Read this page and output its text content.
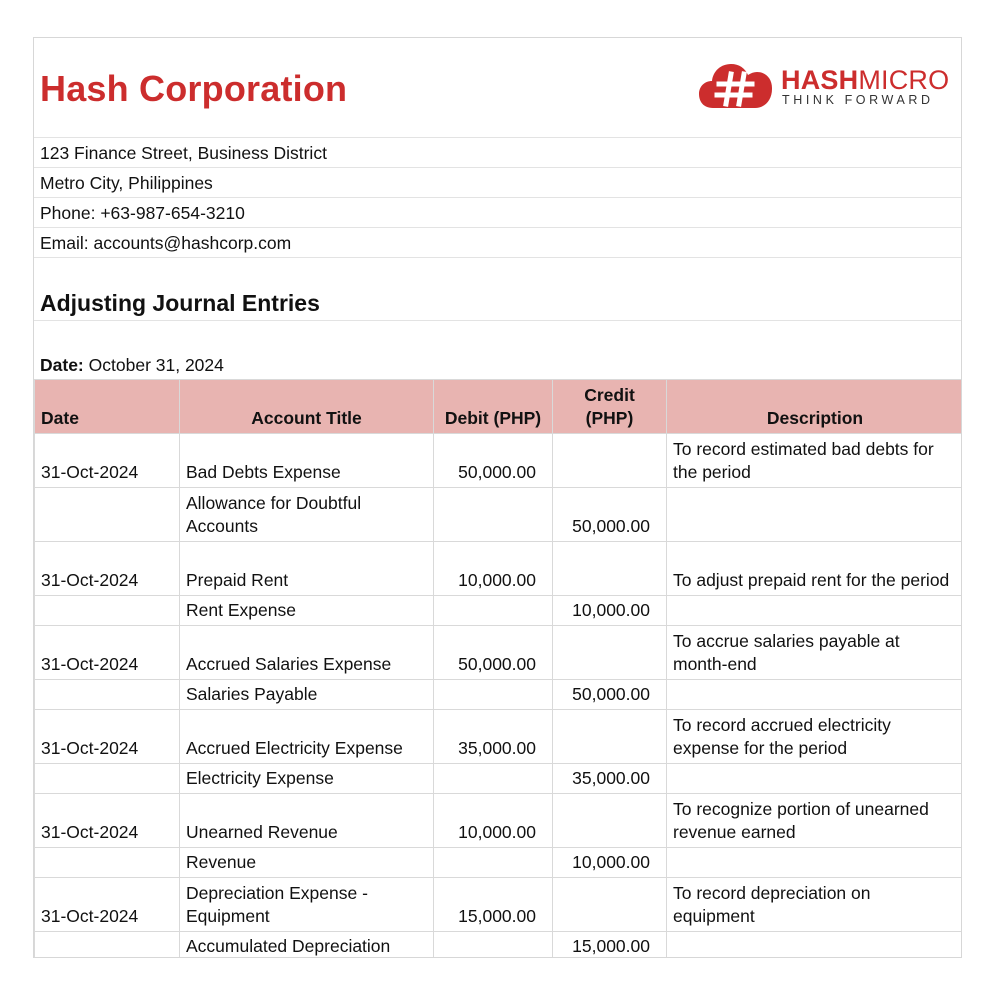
Hash Corporation	HASHMICRO
THINK FORWARD
123 Finance Street, Business District
Metro City, Philippines
Phone: +63-987-654-3210
Email: accounts@hashcorp.com
Adjusting Journal Entries
Date: October 31, 2024
Date	Account Title	Debit (PHP)	Credit (PHP)	Description
31-Oct-2024	Bad Debts Expense	50,000.00		To record estimated bad debts for the period
	Allowance for Doubtful Accounts		50,000.00	
31-Oct-2024	Prepaid Rent	10,000.00		To adjust prepaid rent for the period
	Rent Expense		10,000.00	
31-Oct-2024	Accrued Salaries Expense	50,000.00		To accrue salaries payable at month-end
	Salaries Payable		50,000.00	
31-Oct-2024	Accrued Electricity Expense	35,000.00		To record accrued electricity expense for the period
	Electricity Expense		35,000.00	
31-Oct-2024	Unearned Revenue	10,000.00		To recognize portion of unearned revenue earned
	Revenue		10,000.00	
31-Oct-2024	Depreciation Expense - Equipment	15,000.00		To record depreciation on equipment
	Accumulated Depreciation		15,000.00	
